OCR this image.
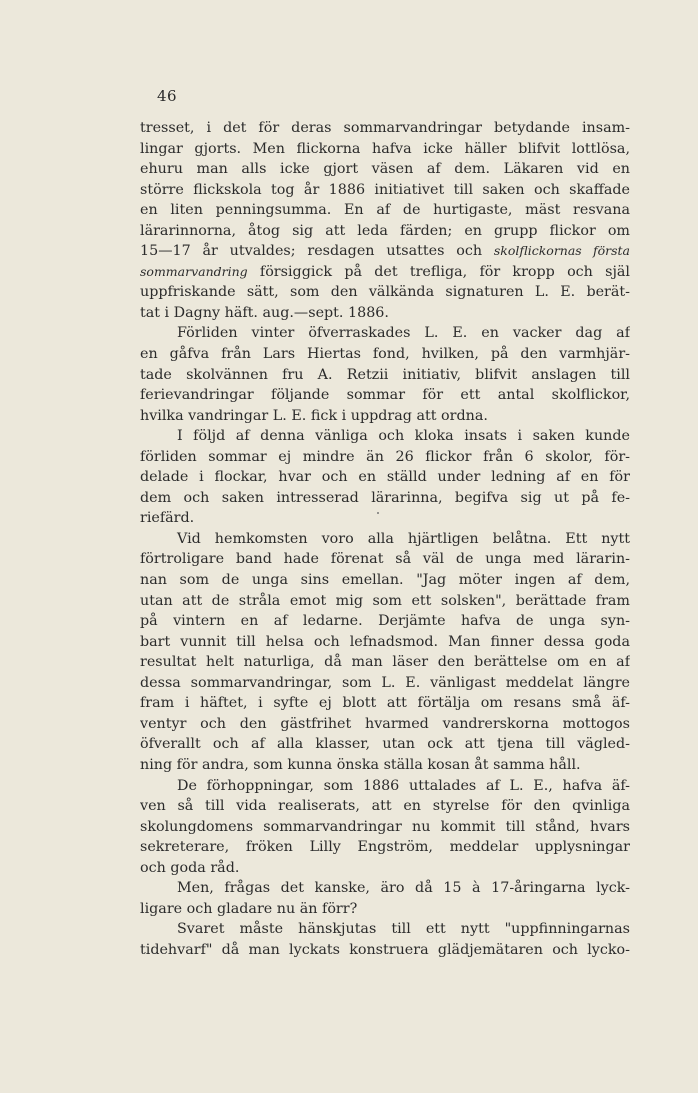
46
tresset, i det för deras sommarvandringar betydande insam-
lingar gjorts. Men flickorna hafva icke häller blifvit lottlösa,
ehuru man alls icke gjort väsen af dem. Läkaren vid en
större flickskola tog år 1886 initiativet till saken och skaffade
en liten penningsumma. En af de hurtigaste, mäst resvana
lärarinnorna, åtog sig att leda färden; en grupp flickor om
15—17 år utvaldes; resdagen utsattes och skolflickornas första
sommarvandring försiggick på det trefliga, för kropp och själ
uppfriskande sätt, som den välkända signaturen L. E. berät-
tat i Dagny häft. aug.—sept. 1886.
Förliden vinter öfverraskades L. E. en vacker dag af
en gåfva från Lars Hiertas fond, hvilken, på den varmhjär-
tade skolvännen fru A. Retzii initiativ, blifvit anslagen till
ferievandringar följande sommar för ett antal skolflickor,
hvilka vandringar L. E. fick i uppdrag att ordna.
I följd af denna vänliga och kloka insats i saken kunde
förliden sommar ej mindre än 26 flickor från 6 skolor, för-
delade i flockar, hvar och en ställd under ledning af en för
dem och saken intresserad lärarinna, begifva sig ut på fe-
riefärd.
Vid hemkomsten voro alla hjärtligen belåtna. Ett nytt
förtroligare band hade förenat så väl de unga med lärarin-
nan som de unga sins emellan. "Jag möter ingen af dem,
utan att de stråla emot mig som ett solsken", berättade fram
på vintern en af ledarne. Derjämte hafva de unga syn-
bart vunnit till helsa och lefnadsmod. Man finner dessa goda
resultat helt naturliga, då man läser den berättelse om en af
dessa sommarvandringar, som L. E. vänligast meddelat längre
fram i häftet, i syfte ej blott att förtälja om resans små äf-
ventyr och den gästfrihet hvarmed vandrerskorna mottogos
öfverallt och af alla klasser, utan ock att tjena till vägled-
ning för andra, som kunna önska ställa kosan åt samma håll.
De förhoppningar, som 1886 uttalades af L. E., hafva äf-
ven så till vida realiserats, att en styrelse för den qvinliga
skolungdomens sommarvandringar nu kommit till stånd, hvars
sekreterare, fröken Lilly Engström, meddelar upplysningar
och goda råd.
Men, frågas det kanske, äro då 15 à 17-åringarna lyck-
ligare och gladare nu än förr?
Svaret måste hänskjutas till ett nytt "uppfinningarnas
tidehvarf" då man lyckats konstruera glädjemätaren och lycko-
